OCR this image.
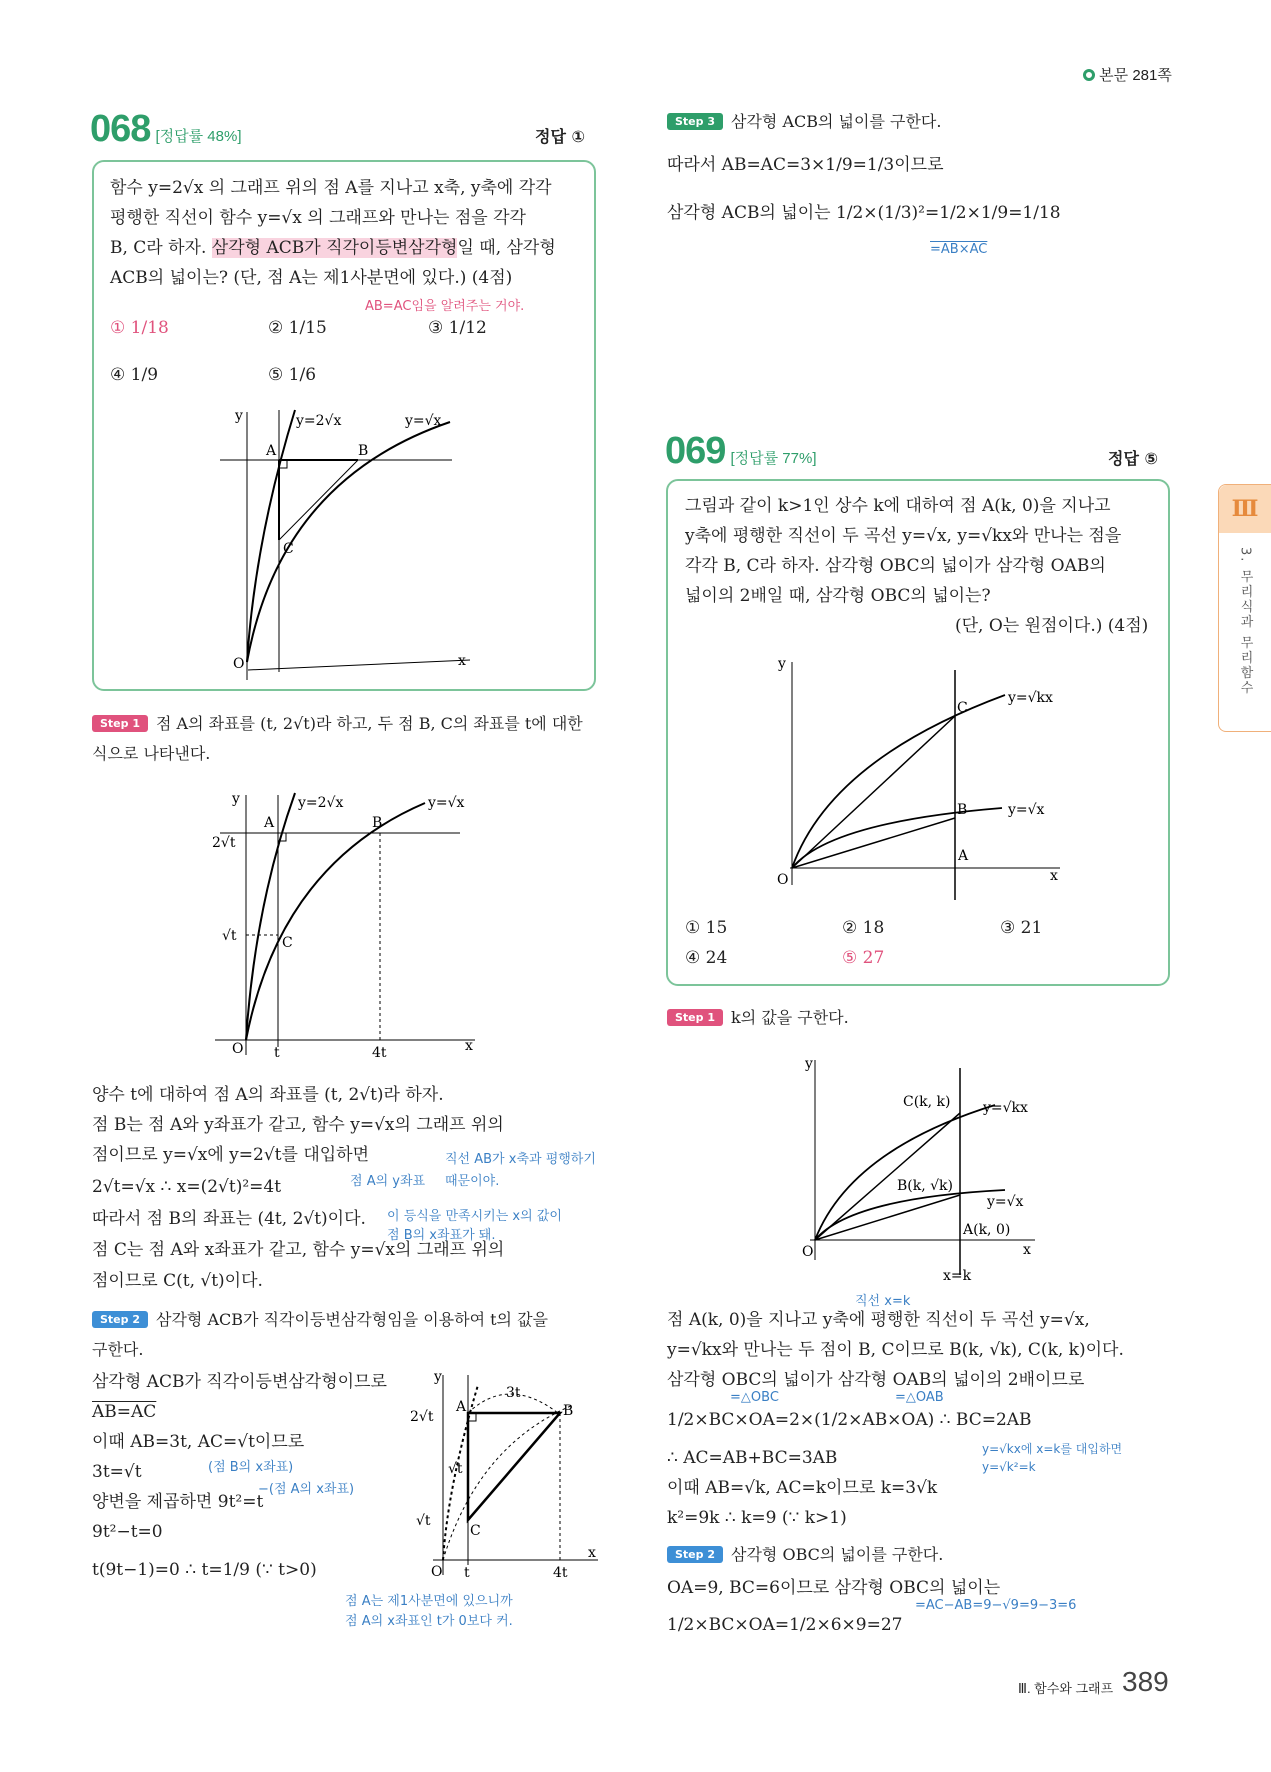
본문 281쪽
068 [정답률 48%]	정답 ①
함수 y=2√x 의 그래프 위의 점 A를 지나고 x축, y축에 각각
평행한 직선이 함수 y=√x 의 그래프와 만나는 점을 각각
B, C라 하자. 삼각형 ACB가 직각이등변삼각형일 때, 삼각형
ACB의 넓이는? (단, 점 A는 제1사분면에 있다.) (4점)
AB=AC임을 알려주는 거야.
① 1/18	② 1/15	③ 1/12
④ 1/9	⑤ 1/6
y
x
O
A	B
C
y=2√x	y=√x
Step 1 점 A의 좌표를 (t, 2√t)라 하고, 두 점 B, C의 좌표를 t에 대한
식으로 나타낸다.
y
x
O
A	B
C
2√t
√t
t	4t
y=2√x	y=√x
양수 t에 대하여 점 A의 좌표를 (t, 2√t)라 하자.
점 B는 점 A와 y좌표가 같고, 함수 y=√x의 그래프 위의
점이므로 y=√x에 y=2√t를 대입하면
2√t=√x ∴ x=(2√t)²=4t
따라서 점 B의 좌표는 (4t, 2√t)이다.
점 C는 점 A와 x좌표가 같고, 함수 y=√x의 그래프 위의
점이므로 C(t, √t)이다.
직선 AB가 x축과 평행하기
때문이야.
점 A의 y좌표
이 등식을 만족시키는 x의 값이
점 B의 x좌표가 돼.
Step 2 삼각형 ACB가 직각이등변삼각형임을 이용하여 t의 값을
구한다.
삼각형 ACB가 직각이등변삼각형이므로
AB=AC
이때 AB=3t, AC=√t이므로
3t=√t
양변을 제곱하면 9t²=t
9t²−t=0
t(9t−1)=0 ∴ t=1/9 (∵ t>0)
(점 B의 x좌표)
−(점 A의 x좌표)
점 A는 제1사분면에 있으니까
점 A의 x좌표인 t가 0보다 커.
y
x
O
A	B
C
2√t
√t
√t
t	4t
3t
Step 3 삼각형 ACB의 넓이를 구한다.
따라서 AB=AC=3×1/9=1/3이므로
삼각형 ACB의 넓이는 1/2×(1/3)²=1/2×1/9=1/18
=AB×AC
069 [정답률 77%]	정답 ⑤
그림과 같이 k>1인 상수 k에 대하여 점 A(k, 0)을 지나고
y축에 평행한 직선이 두 곡선 y=√x, y=√kx와 만나는 점을
각각 B, C라 하자. 삼각형 OBC의 넓이가 삼각형 OAB의
넓이의 2배일 때, 삼각형 OBC의 넓이는?
(단, O는 원점이다.) (4점)
y
x
O
A
B
C
y=√kx
y=√x
① 15	② 18	③ 21
④ 24	⑤ 27
Step 1 k의 값을 구한다.
y
x
O
A(k, 0)
B(k, √k)
C(k, k) y=√kx
y=√x
x=k
직선 x=k
점 A(k, 0)을 지나고 y축에 평행한 직선이 두 곡선 y=√x,
y=√kx와 만나는 두 점이 B, C이므로 B(k, √k), C(k, k)이다.
삼각형 OBC의 넓이가 삼각형 OAB의 넓이의 2배이므로
=△OBC	=△OAB
1/2×BC×OA=2×(1/2×AB×OA) ∴ BC=2AB
∴ AC=AB+BC=3AB	y=√kx에 x=k를 대입하면
y=√k²=k
이때 AB=√k, AC=k이므로 k=3√k
k²=9k ∴ k=9 (∵ k>1)
Step 2 삼각형 OBC의 넓이를 구한다.
OA=9, BC=6이므로 삼각형 OBC의 넓이는
=AC−AB=9−√9=9−3=6
1/2×BC×OA=1/2×6×9=27
Ⅲ
3. 무리식과 무리함수
Ⅲ. 함수와 그래프 389
